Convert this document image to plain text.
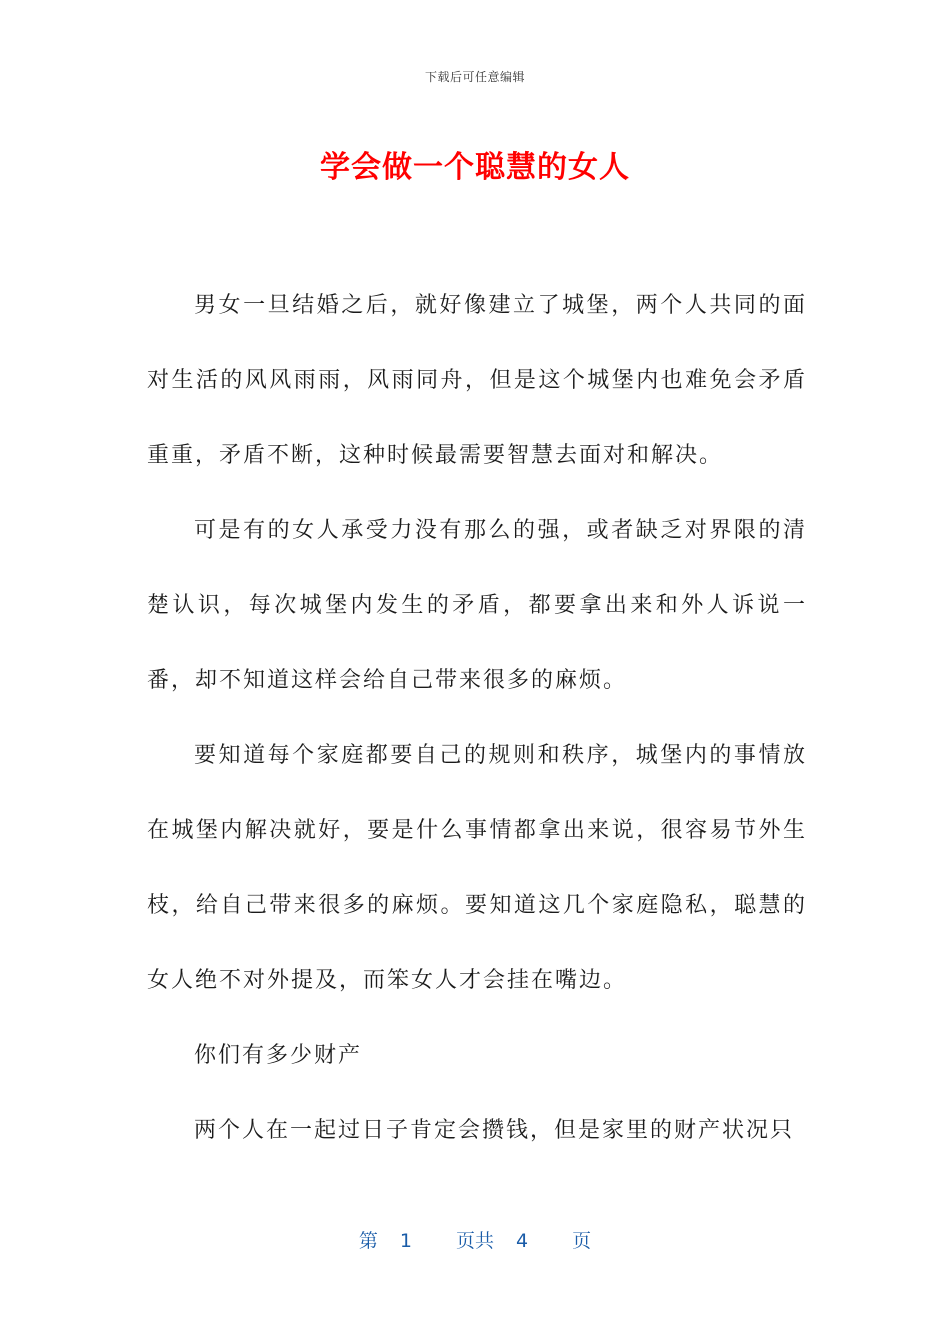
下载后可任意编辑
学会做一个聪慧的女人

男女一旦结婚之后，就好像建立了城堡，两个人共同的面对生活的风风雨雨，风雨同舟，但是这个城堡内也难免会矛盾重重，矛盾不断，这种时候最需要智慧去面对和解决。

可是有的女人承受力没有那么的强，或者缺乏对界限的清楚认识，每次城堡内发生的矛盾，都要拿出来和外人诉说一番，却不知道这样会给自己带来很多的麻烦。

要知道每个家庭都要自己的规则和秩序，城堡内的事情放在城堡内解决就好，要是什么事情都拿出来说，很容易节外生枝，给自己带来很多的麻烦。要知道这几个家庭隐私，聪慧的女人绝不对外提及，而笨女人才会挂在嘴边。

你们有多少财产

两个人在一起过日子肯定会攒钱，但是家里的财产状况只

第 1 页共 4 页
